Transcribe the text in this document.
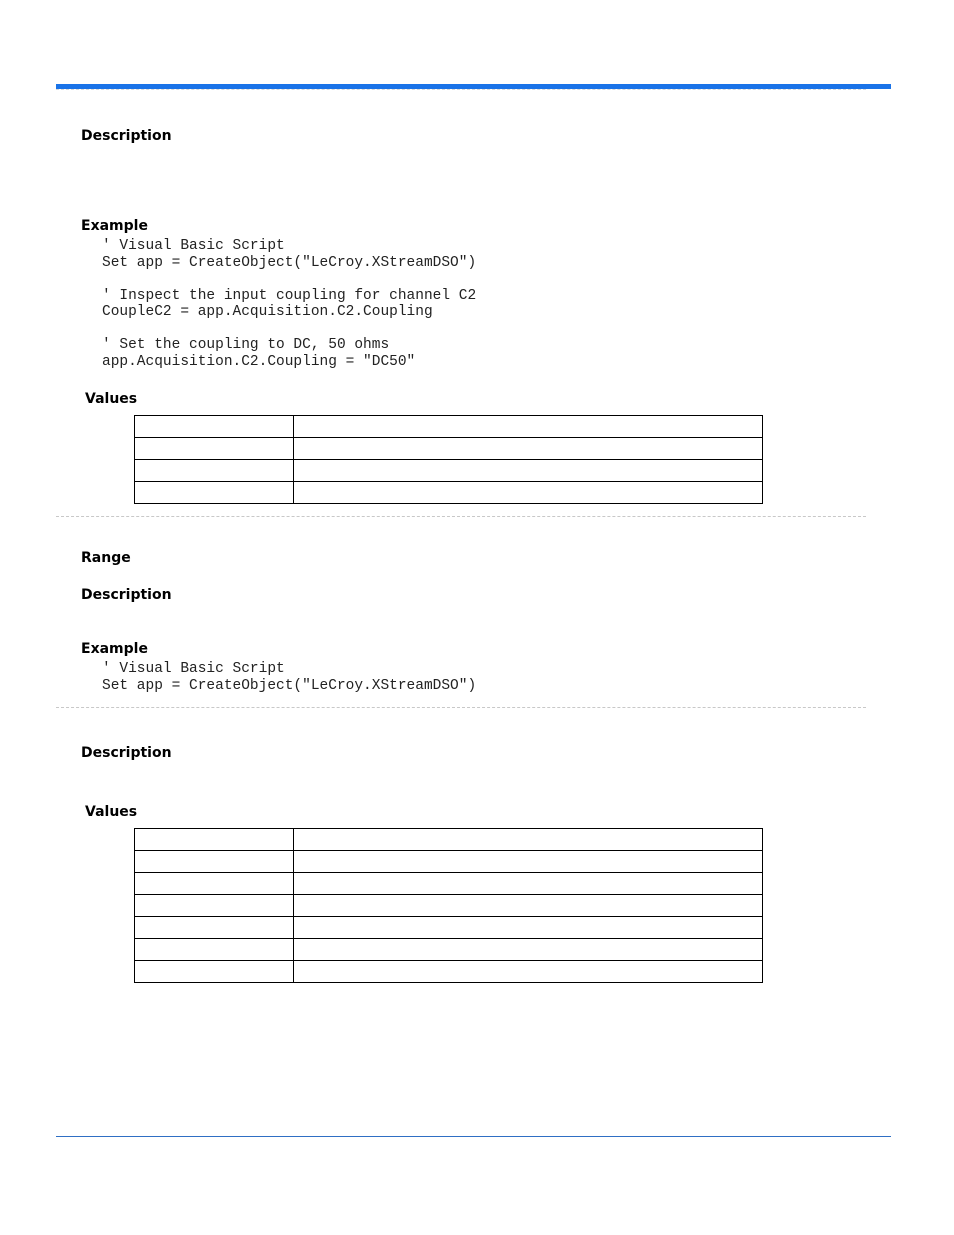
Description
Example
' Visual Basic Script
Set app = CreateObject("LeCroy.XStreamDSO")

' Inspect the input coupling for channel C2
CoupleC2 = app.Acquisition.C2.Coupling

' Set the coupling to DC, 50 ohms
app.Acquisition.C2.Coupling = "DC50"
Values

Range
Description
Example
' Visual Basic Script
Set app = CreateObject("LeCroy.XStreamDSO")
Description
Values
